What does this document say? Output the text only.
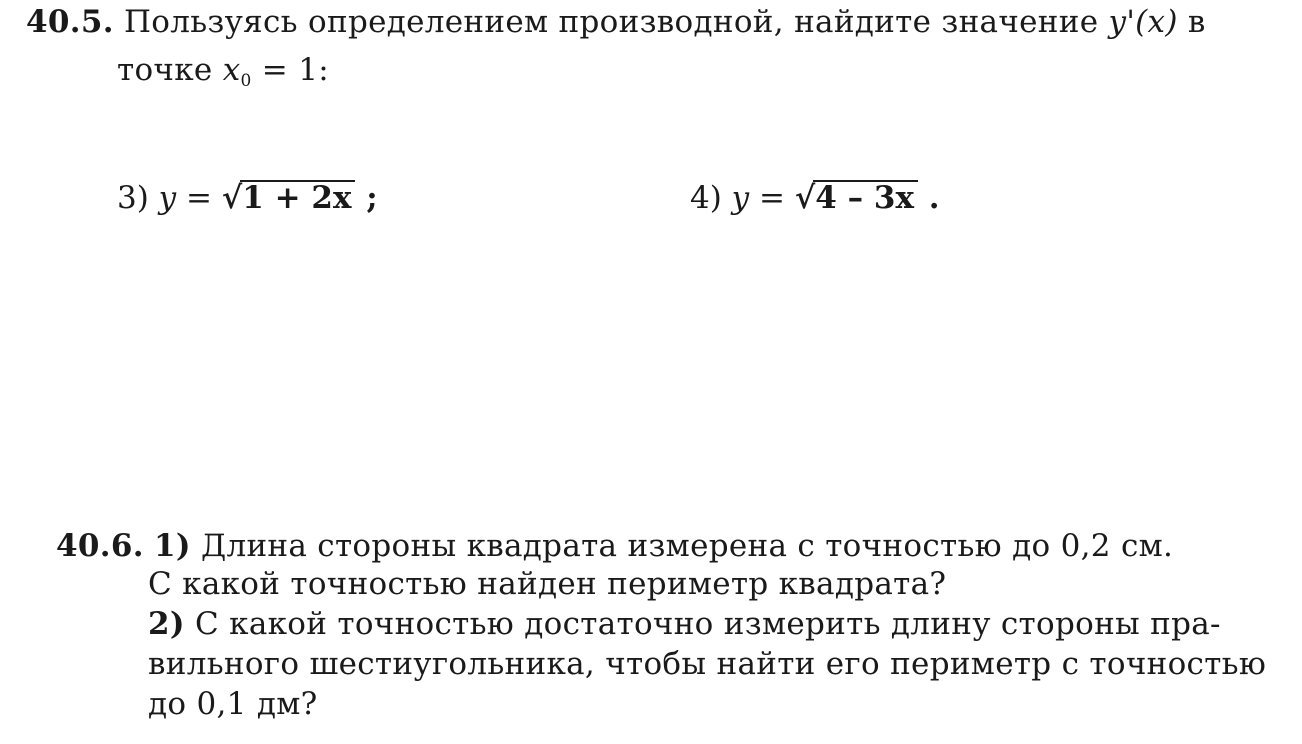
40.5. Пользуясь определением производной, найдите значение y'(x) в
точке $x_0 = 1$:
3) y = √1 + 2x ;	4) y = √4 – 3x .
40.6. 1) Длина стороны квадрата измерена с точностью до 0,2 см.
С какой точностью найден периметр квадрата?
2) С какой точностью достаточно измерить длину стороны пра-
вильного шестиугольника, чтобы найти его периметр с точностью
до 0,1 дм?
